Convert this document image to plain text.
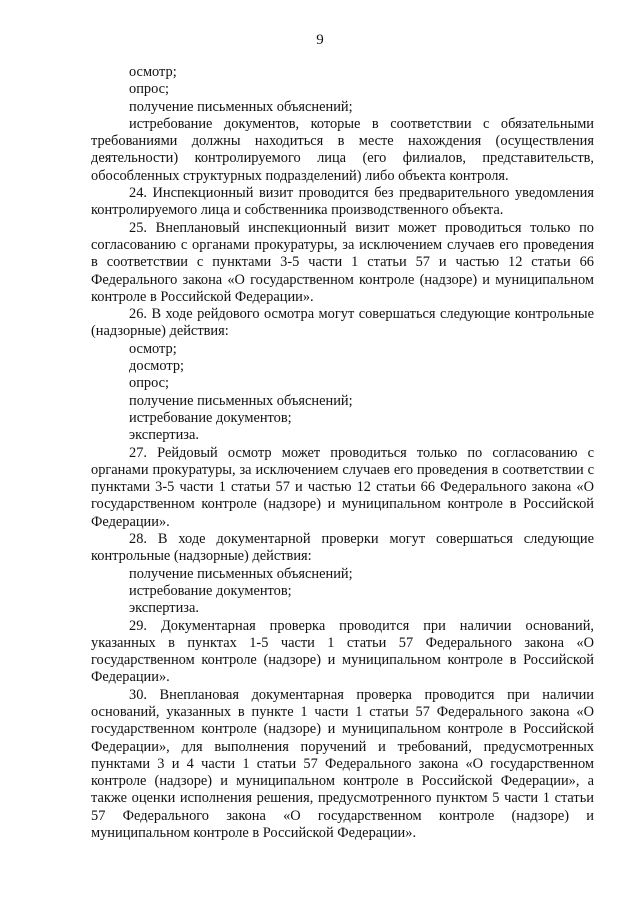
9

осмотр;

опрос;

получение письменных объяснений;

истребование документов, которые в соответствии с обязательными требованиями должны находиться в месте нахождения (осуществления деятельности) контролируемого лица (его филиалов, представительств, обособленных структурных подразделений) либо объекта контроля.

24. Инспекционный визит проводится без предварительного уведомления контролируемого лица и собственника производственного объекта.

25. Внеплановый инспекционный визит может проводиться только по согласованию с органами прокуратуры, за исключением случаев его проведения в соответствии с пунктами 3-5 части 1 статьи 57 и частью 12 статьи 66 Федерального закона «О государственном контроле (надзоре) и муниципальном контроле в Российской Федерации».

26. В ходе рейдового осмотра могут совершаться следующие контрольные (надзорные) действия:

осмотр;

досмотр;

опрос;

получение письменных объяснений;

истребование документов;

экспертиза.

27. Рейдовый осмотр может проводиться только по согласованию с органами прокуратуры, за исключением случаев его проведения в соответствии с пунктами 3-5 части 1 статьи 57 и частью 12 статьи 66 Федерального закона «О государственном контроле (надзоре) и муниципальном контроле в Российской Федерации».

28. В ходе документарной проверки могут совершаться следующие контрольные (надзорные) действия:

получение письменных объяснений;

истребование документов;

экспертиза.

29. Документарная проверка проводится при наличии оснований, указанных в пунктах 1-5 части 1 статьи 57 Федерального закона «О государственном контроле (надзоре) и муниципальном контроле в Российской Федерации».

30. Внеплановая документарная проверка проводится при наличии оснований, указанных в пункте 1 части 1 статьи 57 Федерального закона «О государственном контроле (надзоре) и муниципальном контроле в Российской Федерации», для выполнения поручений и требований, предусмотренных пунктами 3 и 4 части 1 статьи 57 Федерального закона «О государственном контроле (надзоре) и муниципальном контроле в Российской Федерации», а также оценки исполнения решения, предусмотренного пунктом 5 части 1 статьи 57 Федерального закона «О государственном контроле (надзоре) и муниципальном контроле в Российской Федерации».
